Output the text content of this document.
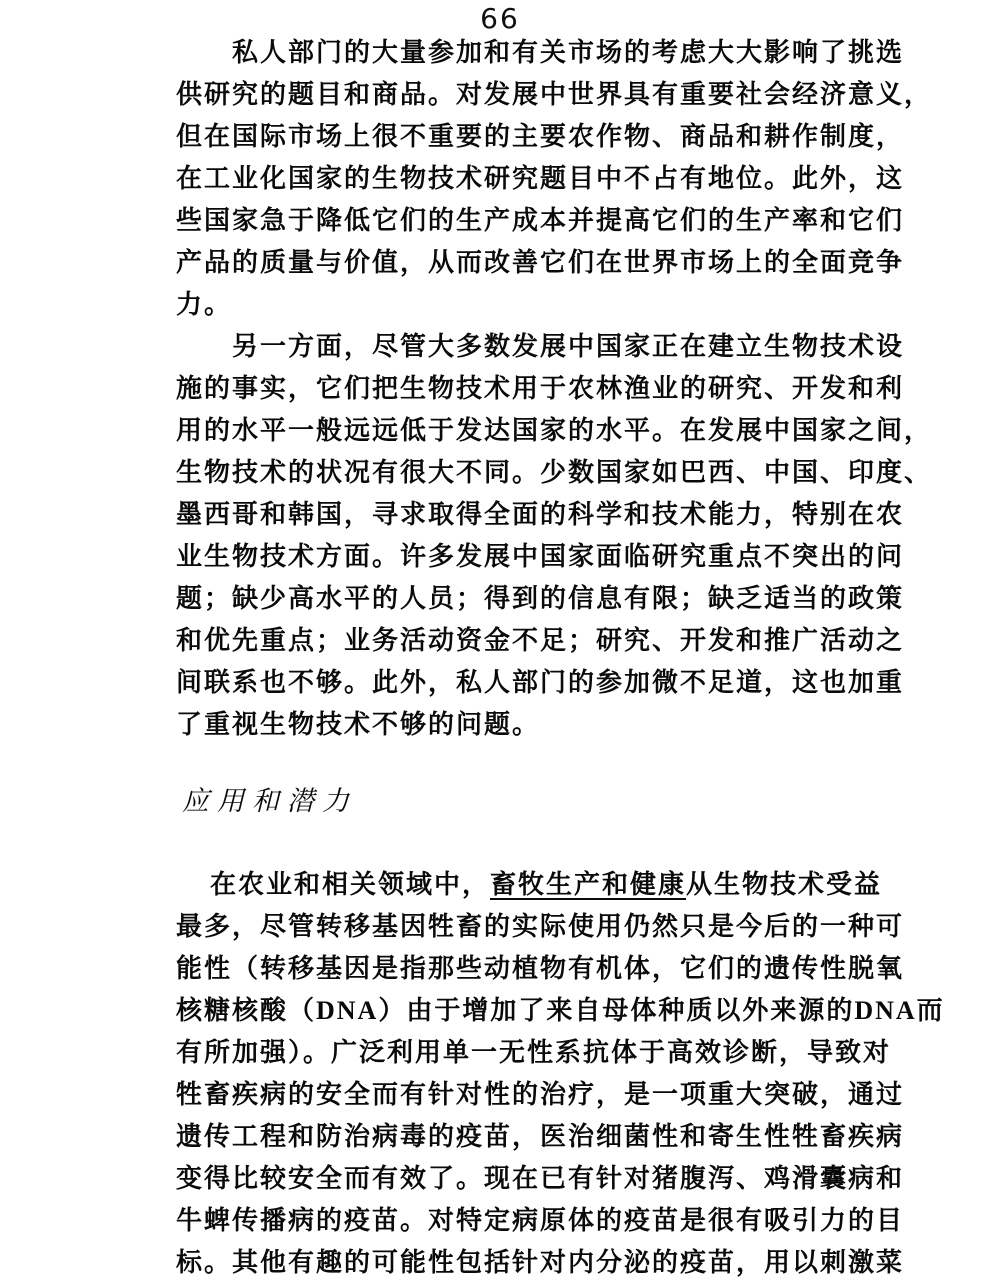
66
私人部门的大量参加和有关市场的考虑大大影响了挑选
供研究的题目和商品。对发展中世界具有重要社会经济意义，
但在国际市场上很不重要的主要农作物、商品和耕作制度，
在工业化国家的生物技术研究题目中不占有地位。此外，这
些国家急于降低它们的生产成本并提高它们的生产率和它们
产品的质量与价值，从而改善它们在世界市场上的全面竞争
力。
另一方面，尽管大多数发展中国家正在建立生物技术设
施的事实，它们把生物技术用于农林渔业的研究、开发和利
用的水平一般远远低于发达国家的水平。在发展中国家之间，
生物技术的状况有很大不同。少数国家如巴西、中国、印度、
墨西哥和韩国，寻求取得全面的科学和技术能力，特别在农
业生物技术方面。许多发展中国家面临研究重点不突出的问
题；缺少高水平的人员；得到的信息有限；缺乏适当的政策
和优先重点；业务活动资金不足；研究、开发和推广活动之
间联系也不够。此外，私人部门的参加微不足道，这也加重
了重视生物技术不够的问题。
应用和潜力
在农业和相关领域中，畜牧生产和健康从生物技术受益
最多，尽管转移基因牲畜的实际使用仍然只是今后的一种可
能性（转移基因是指那些动植物有机体，它们的遗传性脱氧
核糖核酸（DNA）由于增加了来自母体种质以外来源的DNA而
有所加强）。广泛利用单一无性系抗体于高效诊断，导致对
牲畜疾病的安全而有针对性的治疗，是一项重大突破，通过
遗传工程和防治病毒的疫苗，医治细菌性和寄生性牲畜疾病
变得比较安全而有效了。现在已有针对猪腹泻、鸡滑囊病和
牛蜱传播病的疫苗。对特定病原体的疫苗是很有吸引力的目
标。其他有趣的可能性包括针对内分泌的疫苗，用以刺激菜
